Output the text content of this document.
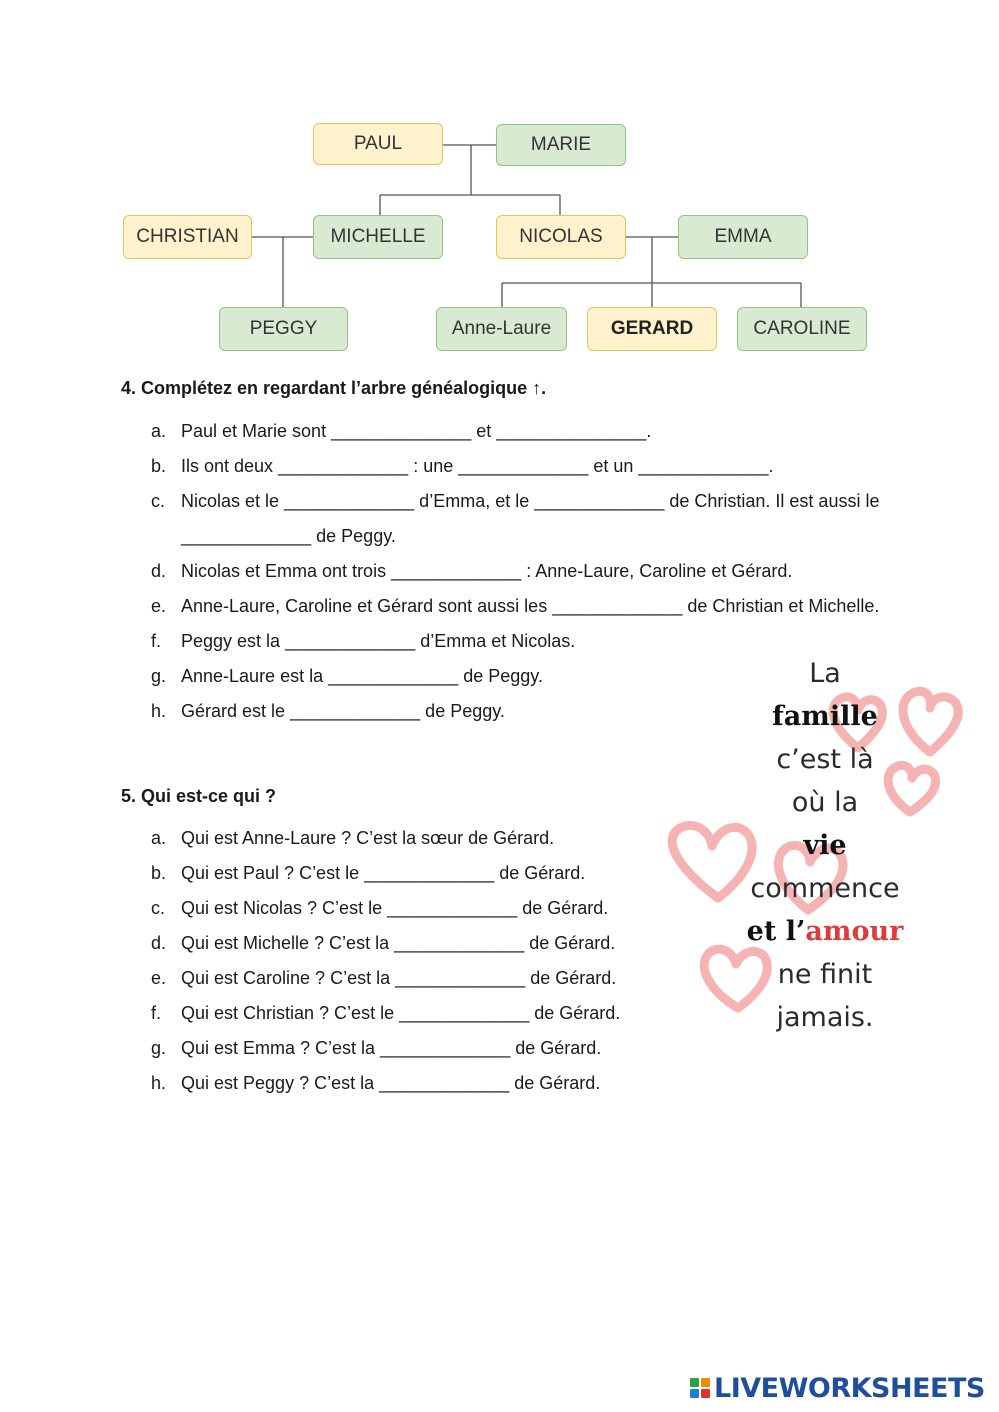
PAUL	MARIE
CHRISTIAN	MICHELLE	NICOLAS	EMMA
PEGGY	Anne-Laure	GERARD	CAROLINE
4. Complétez en regardant l’arbre généalogique ↑.
a. Paul et Marie sont ______________ et _______________.
b. Ils ont deux _____________ : une _____________ et un _____________.
c. Nicolas et le _____________ d’Emma, et le _____________ de Christian. Il est aussi le _____________ de Peggy.
d. Nicolas et Emma ont trois _____________ : Anne-Laure, Caroline et Gérard.
e. Anne-Laure, Caroline et Gérard sont aussi les _____________ de Christian et Michelle.
f.	Peggy est la _____________ d’Emma et Nicolas.
g. Anne-Laure est la _____________ de Peggy.
h. Gérard est le _____________ de Peggy.
5. Qui est-ce qui ?
a. Qui est Anne-Laure ? C’est la sœur de Gérard.
b. Qui est Paul ? C’est le _____________ de Gérard.
c. Qui est Nicolas ? C’est le _____________ de Gérard.
d. Qui est Michelle ? C’est la _____________ de Gérard.
e. Qui est Caroline ? C’est la _____________ de Gérard.
f.	Qui est Christian ? C’est le _____________ de Gérard.
g. Qui est Emma ? C’est la _____________ de Gérard.
h. Qui est Peggy ? C’est la _____________ de Gérard.
La
famille
c’est là
où la
vie
commence
et l’amour
ne finit
jamais.
LIVEWORKSHEETS
